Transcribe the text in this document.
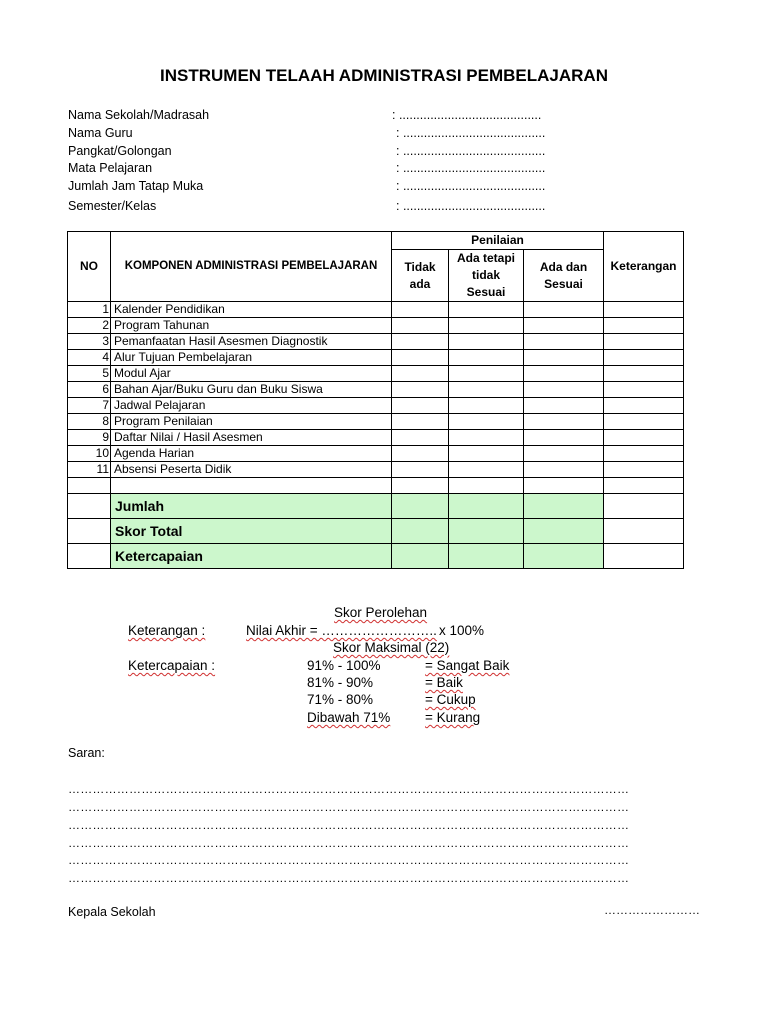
INSTRUMEN TELAAH ADMINISTRASI PEMBELAJARAN
Nama Sekolah/Madrasah	: .........................................
Nama Guru	: .........................................
Pangkat/Golongan	: .........................................
Mata Pelajaran	: .........................................
Jumlah Jam Tatap Muka	: .........................................
Semester/Kelas	: .........................................
NO	KOMPONEN ADMINISTRASI PEMBELAJARAN	Penilaian			Keterangan
		Tidak ada	Ada tetapi tidak Sesuai	Ada dan Sesuai	
1	Kalender Pendidikan				
2	Program Tahunan				
3	Pemanfaatan Hasil Asesmen Diagnostik				
4	Alur Tujuan Pembelajaran				
5	Modul Ajar				
6	Bahan Ajar/Buku Guru dan Buku Siswa				
7	Jadwal Pelajaran				
8	Program Penilaian				
9	Daftar Nilai / Hasil Asesmen				
10	Agenda Harian				
11	Absensi Peserta Didik				

	Jumlah				
	Skor Total				
	Ketercapaian				
Skor Perolehan
Keterangan :	Nilai Akhir = …………………….. x 100%
Skor Maksimal (22)
Ketercapaian :	91% - 100%	= Sangat Baik
81% - 90%	= Baik
71% - 80%	= Cukup
Dibawah 71%	= Kurang
Saran:
…………………………………………………………………………………………………………………………
…………………………………………………………………………………………………………………………
…………………………………………………………………………………………………………………………
…………………………………………………………………………………………………………………………
…………………………………………………………………………………………………………………………
…………………………………………………………………………………………………………………………
Kepala Sekolah	……………………
